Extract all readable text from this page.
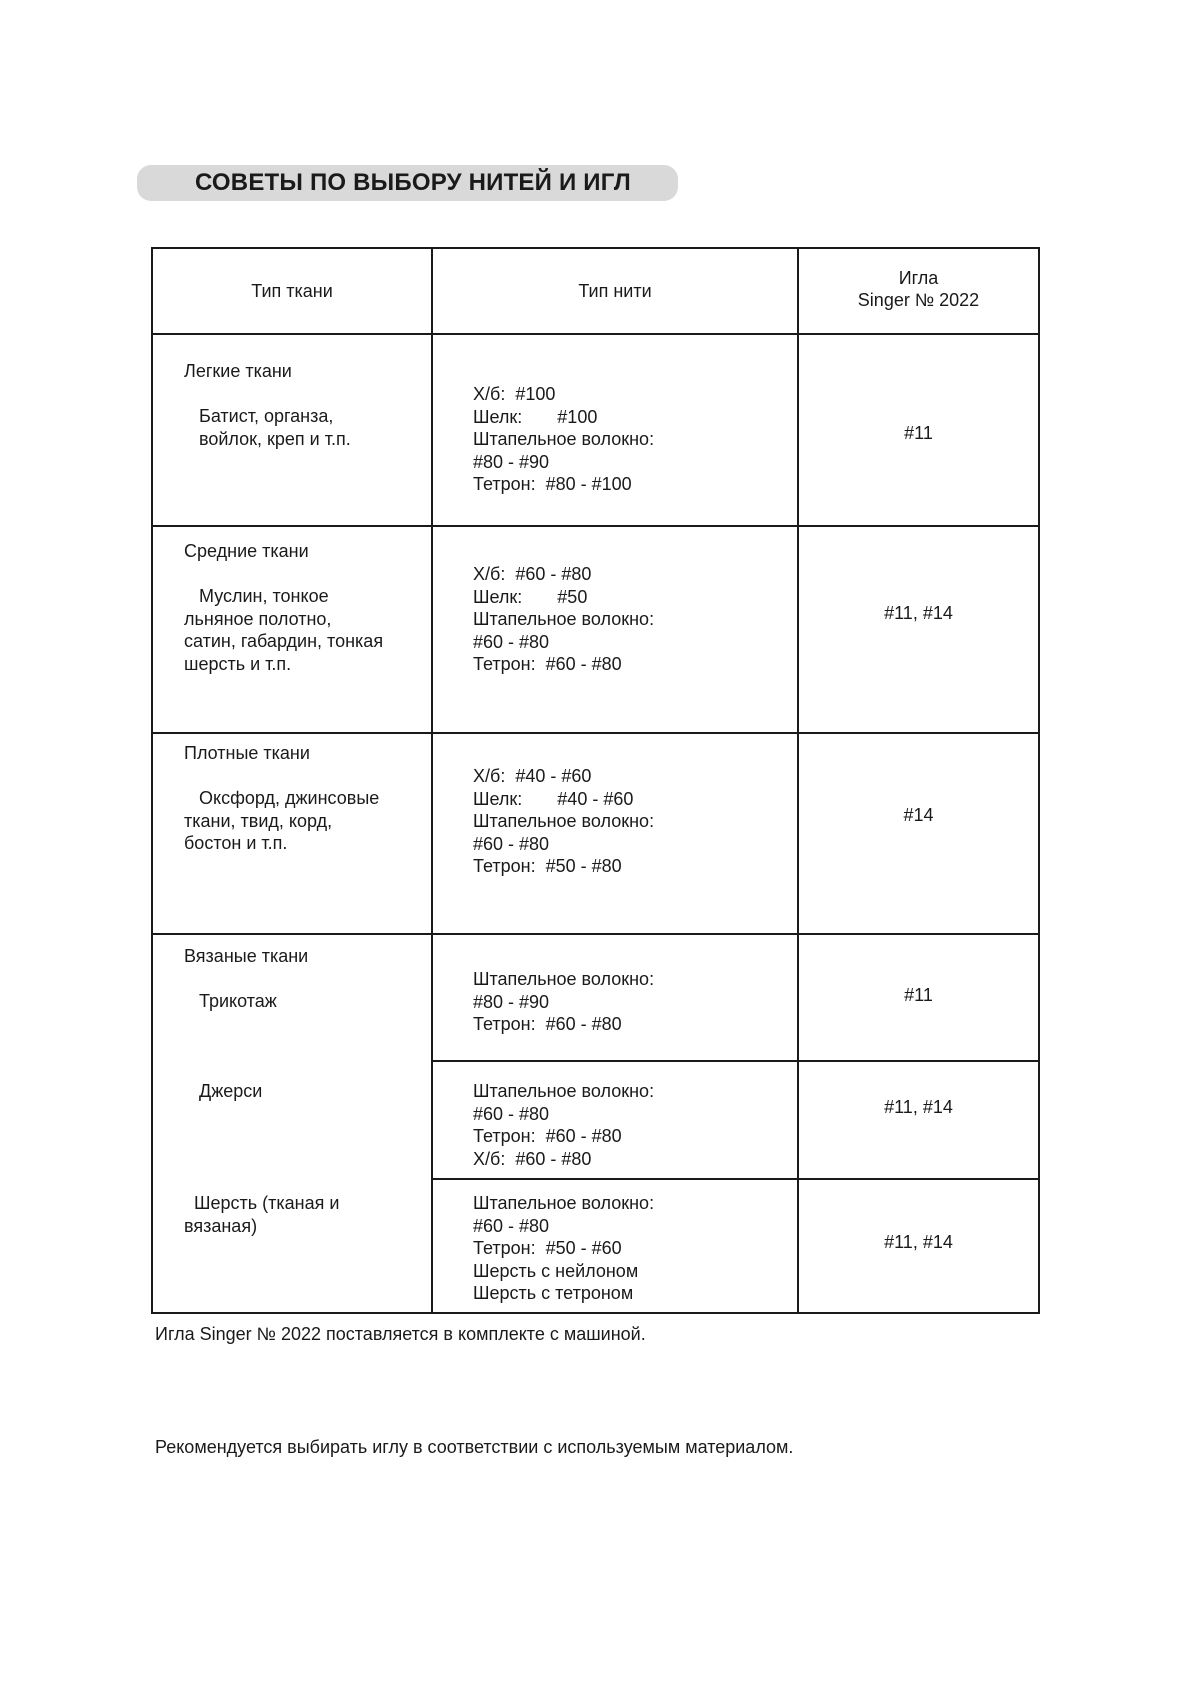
СОВЕТЫ ПО ВЫБОРУ НИТЕЙ И ИГЛ
Тип ткани	Тип нити
Игла
Singer № 2022
Легкие ткани
Батист, органза,
войлок, креп и т.п.
Х/б:  #100
Шелк:       #100
Штапельное волокно:
#80 - #90
Тетрон:  #80 - #100
#11
Средние ткани
Муслин, тонкое
льняное полотно,
сатин, габардин, тонкая
шерсть и т.п.
Х/б:  #60 - #80
Шелк:       #50
Штапельное волокно:
#60 - #80
Тетрон:  #60 - #80
#11, #14
Плотные ткани
Оксфорд, джинсовые
ткани, твид, корд,
бостон и т.п.
Х/б:  #40 - #60
Шелк:       #40 - #60
Штапельное волокно:
#60 - #80
Тетрон:  #50 - #80
#14
Вязаные ткани
Трикотаж
Штапельное волокно:
#80 - #90
Тетрон:  #60 - #80
#11
Джерси	Штапельное волокно:
#60 - #80
Тетрон:  #60 - #80
Х/б:  #60 - #80
#11, #14
Шерсть (тканая и
вязаная)
Штапельное волокно:
#60 - #80
Тетрон:  #50 - #60
Шерсть с нейлоном
Шерсть с тетроном
#11, #14
Игла Singer № 2022 поставляется в комплекте с машиной.
Рекомендуется выбирать иглу в соответствии с используемым материалом.
